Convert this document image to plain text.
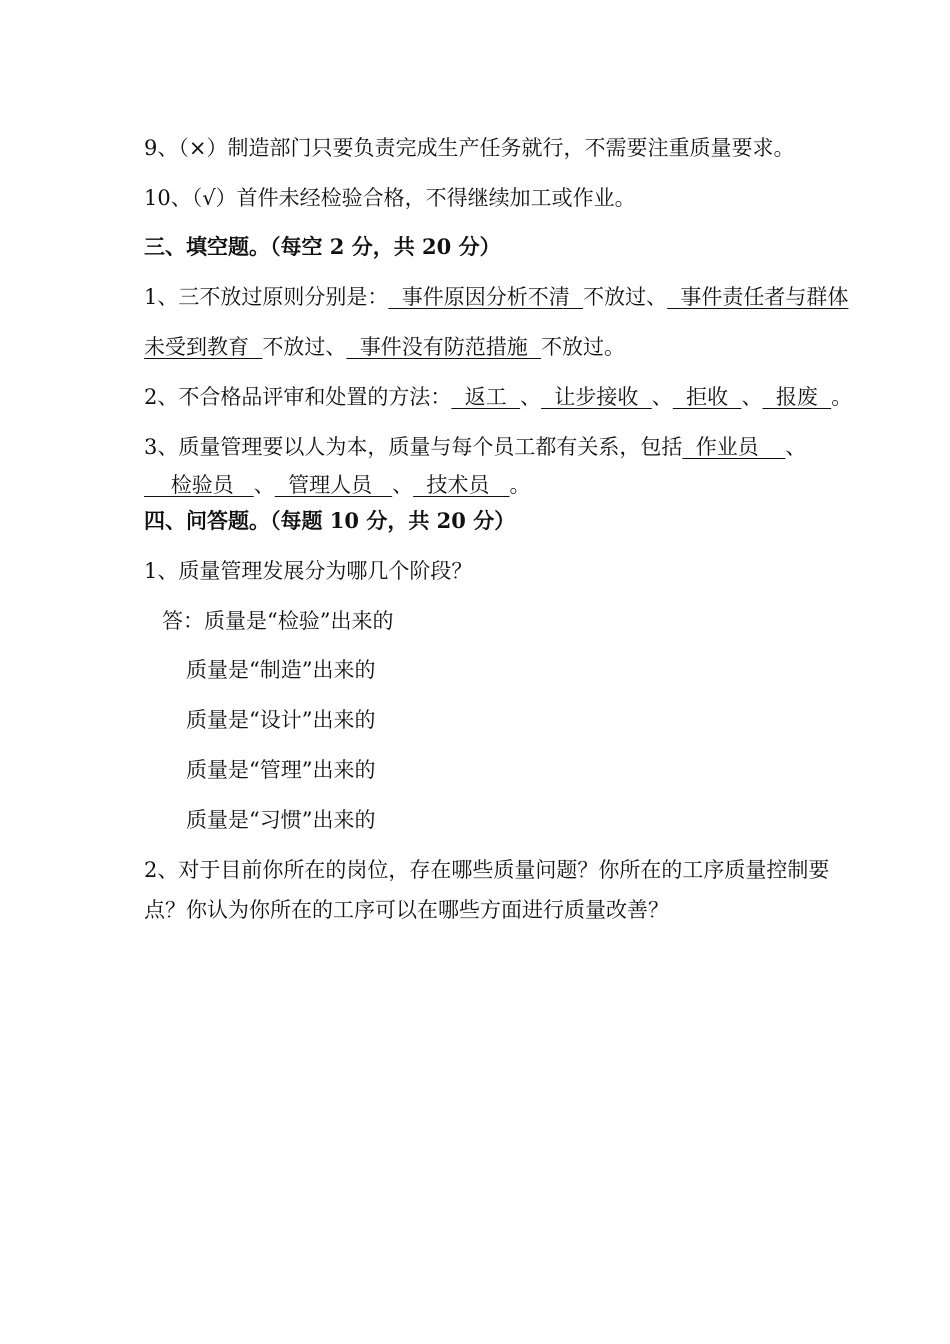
9、（×）制造部门只要负责完成生产任务就行，不需要注重质量要求。
10、（√）首件未经检验合格，不得继续加工或作业。
三、填空题。（每空 2 分，共 20 分）
1、三不放过原则分别是：  事件原因分析不清  不放过、  事件责任者与群体
未受到教育  不放过、  事件没有防范措施  不放过。
2、不合格品评审和处置的方法：  返工  、  让步接收  、  拒收  、  报废  。
3、质量管理要以人为本，质量与每个员工都有关系，包括  作业员    、
检验员   、  管理人员   、  技术员   。
四、问答题。（每题 10 分，共 20 分）
1、质量管理发展分为哪几个阶段？
答：质量是“检验”出来的
质量是“制造”出来的
质量是“设计”出来的
质量是“管理”出来的
质量是“习惯”出来的
2、对于目前你所在的岗位，存在哪些质量问题？你所在的工序质量控制要
点？你认为你所在的工序可以在哪些方面进行质量改善？
